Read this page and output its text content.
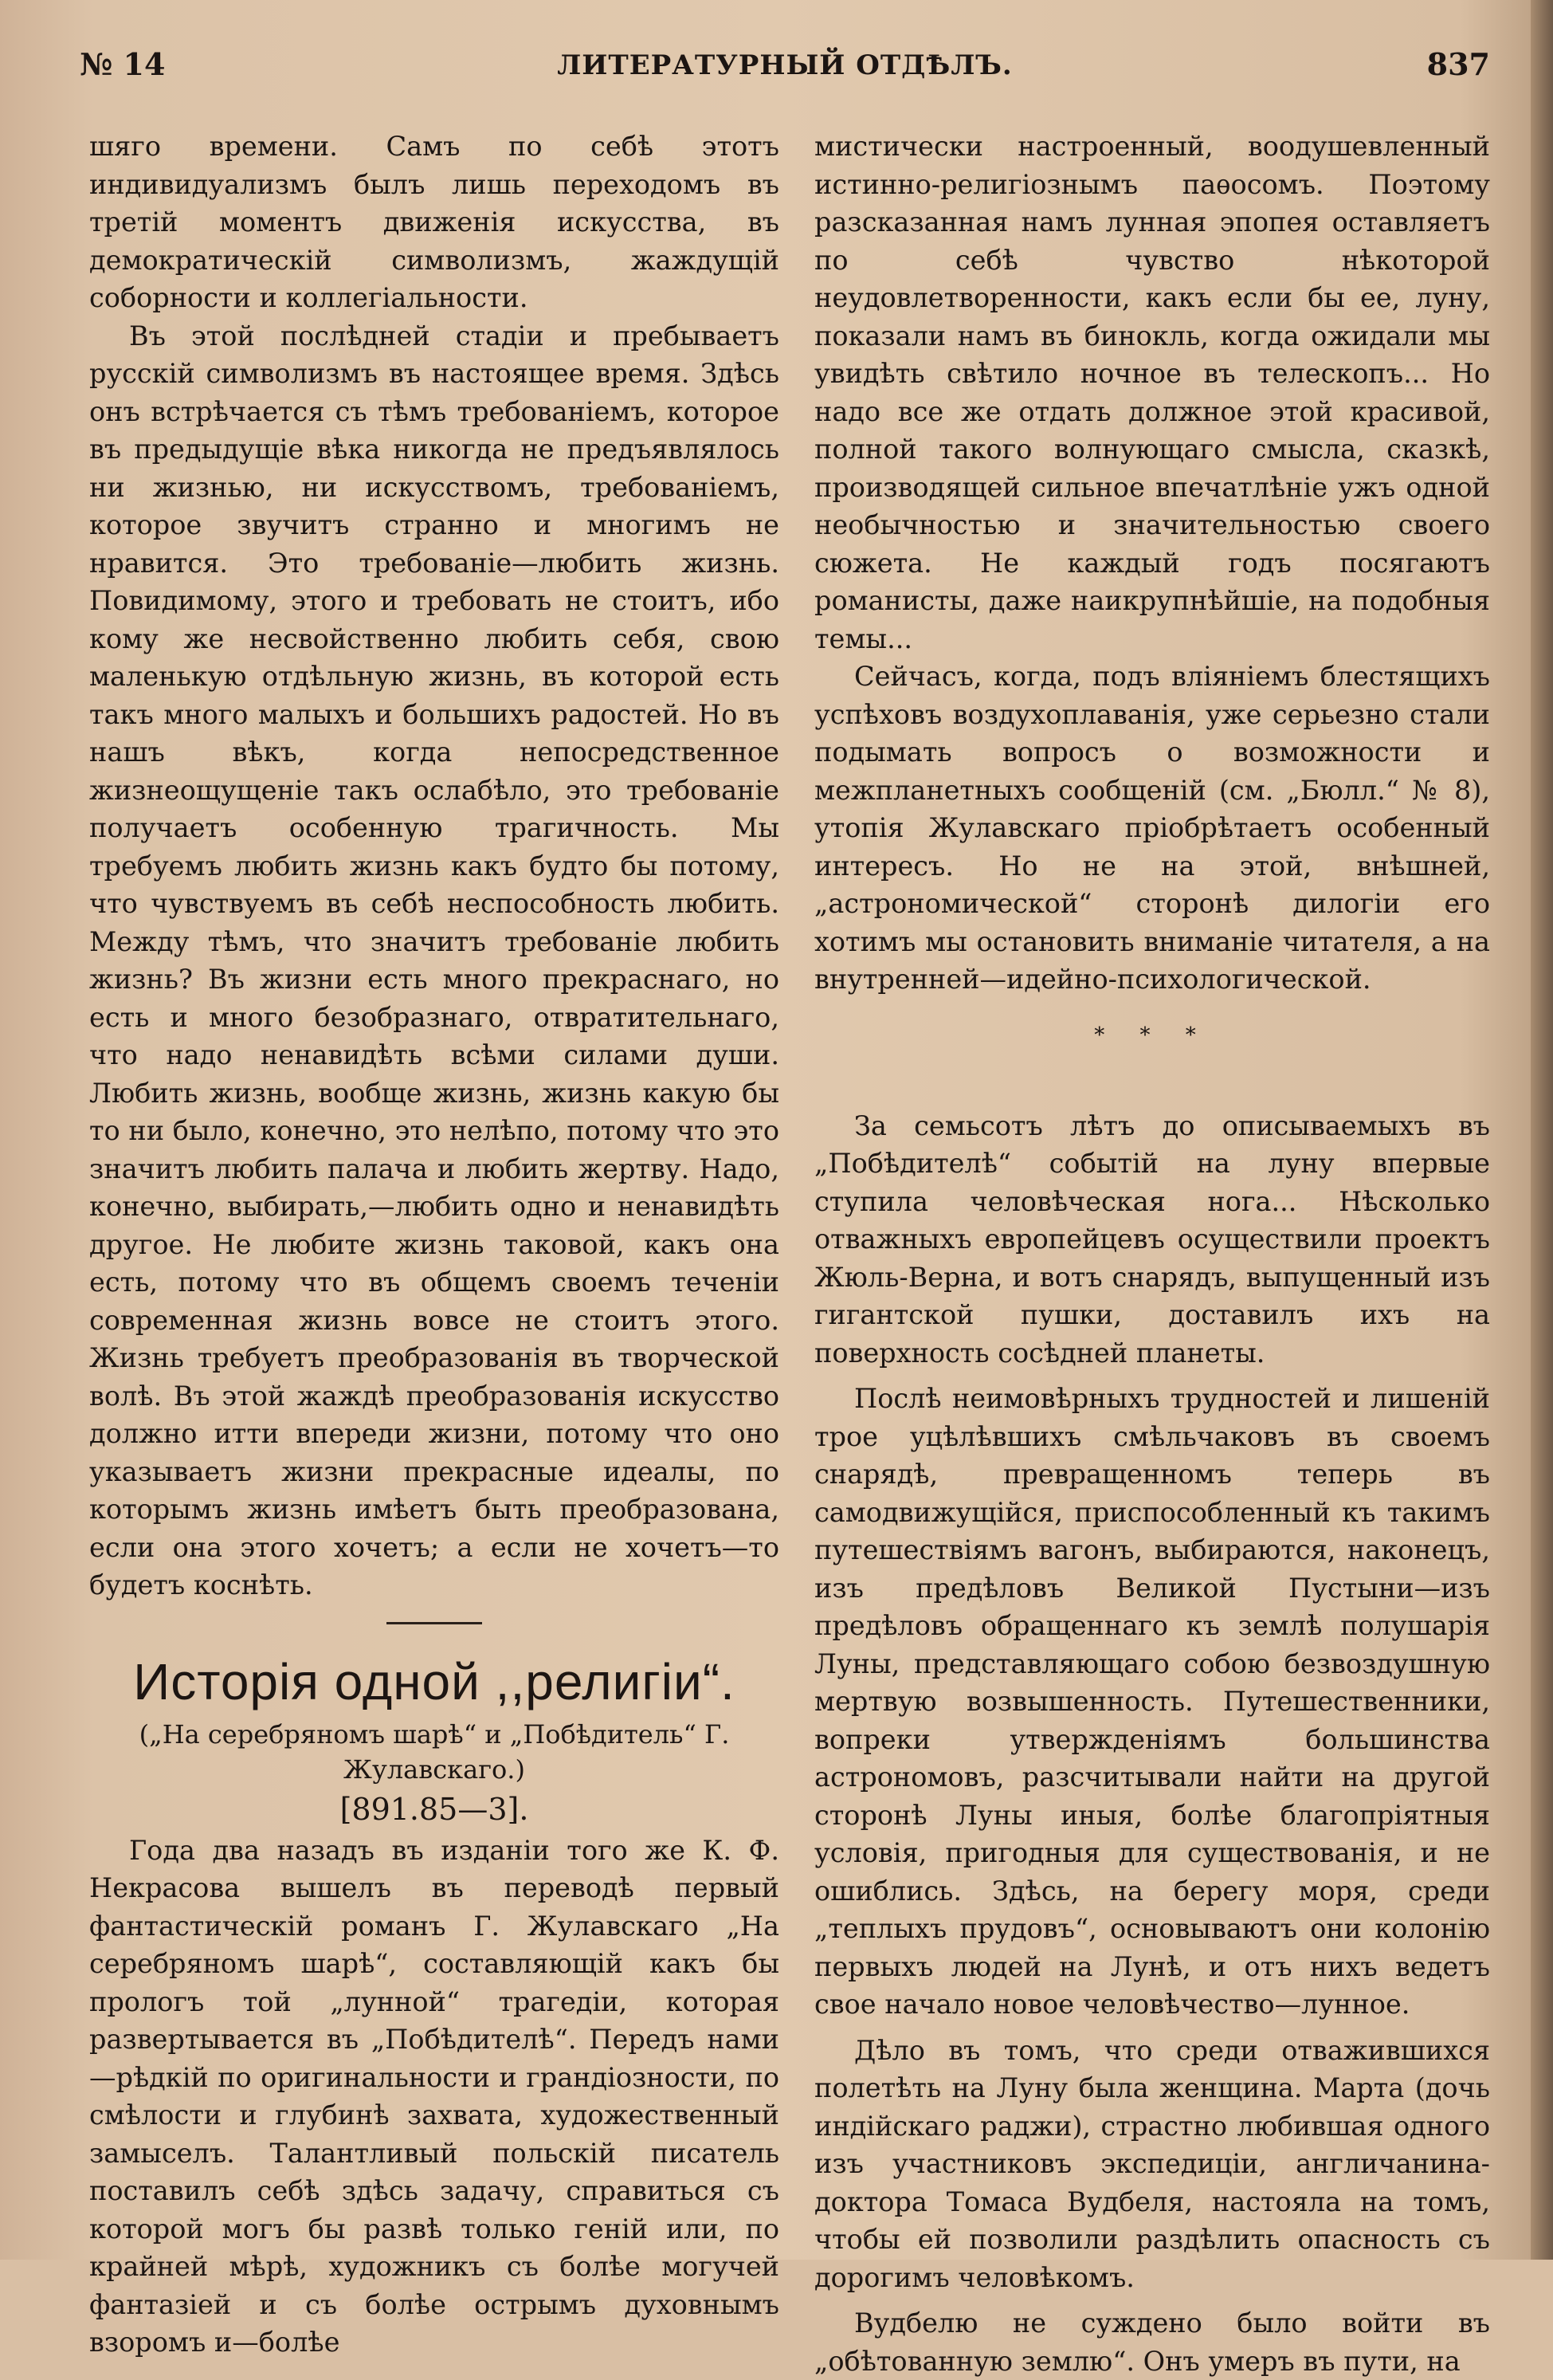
№ 14	ЛИТЕРАТУРНЫЙ ОТДѢЛЪ.	837

шяго времени. Самъ по себѣ этотъ индивидуализмъ былъ лишь переходомъ въ третій моментъ движенія искусства, въ демократическій символизмъ, жаждущій соборности и коллегіальности.

Въ этой послѣдней стадіи и пребываетъ русскій символизмъ въ настоящее время. Здѣсь онъ встрѣчается съ тѣмъ требованіемъ, которое въ предыдущіе вѣка никогда не предъявлялось ни жизнью, ни искусствомъ, требованіемъ, которое звучитъ странно и многимъ не нравится. Это требованіе—любить жизнь. Повидимому, этого и требовать не стоитъ, ибо кому же несвойственно любить себя, свою маленькую отдѣльную жизнь, въ которой есть такъ много малыхъ и большихъ радостей. Но въ нашъ вѣкъ, когда непосредственное жизнеощущеніе такъ ослабѣло, это требованіе получаетъ особенную трагичность. Мы требуемъ любить жизнь какъ будто бы потому, что чувствуемъ въ себѣ неспособность любить. Между тѣмъ, что значитъ требованіе любить жизнь? Въ жизни есть много прекраснаго, но есть и много безобразнаго, отвратительнаго, что надо ненавидѣть всѣми силами души. Любить жизнь, вообще жизнь, жизнь какую бы то ни было, конечно, это нелѣпо, потому что это значитъ любить палача и любить жертву. Надо, конечно, выбирать,—любить одно и ненавидѣть другое. Не любите жизнь таковой, какъ она есть, потому что въ общемъ своемъ теченіи современная жизнь вовсе не стоитъ этого. Жизнь требуетъ преобразованія въ творческой волѣ. Въ этой жаждѣ преобразованія искусство должно итти впереди жизни, потому что оно указываетъ жизни прекрасные идеалы, по которымъ жизнь имѣетъ быть преобразована, если она этого хочетъ; а если не хочетъ—то будетъ коснѣть.

Исторія одной ,,религіи“.

(„На серебряномъ шарѣ“ и „Побѣдитель“ Г. Жулавскаго.)

[891.85—3].

Года два назадъ въ изданіи того же К. Ф. Некрасова вышелъ въ переводѣ первый фантастическій романъ Г. Жулавскаго „На серебряномъ шарѣ“, составляющій какъ бы прологъ той „лунной“ трагедіи, которая развертывается въ „Побѣдителѣ“. Передъ нами—рѣдкій по оригинальности и грандіозности, по смѣлости и глубинѣ захвата, художественный замыселъ. Талантливый польскій писатель поставилъ себѣ здѣсь задачу, справиться съ которой могъ бы развѣ только геній или, по крайней мѣрѣ, художникъ съ болѣе могучей фантазіей и съ болѣе острымъ духовнымъ взоромъ и—болѣе

мистически настроенный, воодушевленный истинно-религіознымъ паѳосомъ. Поэтому разсказанная намъ лунная эпопея оставляетъ по себѣ чувство нѣкоторой неудовлетворенности, какъ если бы ее, луну, показали намъ въ бинокль, когда ожидали мы увидѣть свѣтило ночное въ телескопъ... Но надо все же отдать должное этой красивой, полной такого волнующаго смысла, сказкѣ, производящей сильное впечатлѣніе ужъ одной необычностью и значительностью своего сюжета. Не каждый годъ посягаютъ романисты, даже наикрупнѣйшіе, на подобныя темы...

Сейчасъ, когда, подъ вліяніемъ блестящихъ успѣховъ воздухоплаванія, уже серьезно стали подымать вопросъ о возможности и межпланетныхъ сообщеній (см. „Бюлл.“ № 8), утопія Жулавскаго пріобрѣтаетъ особенный интересъ. Но не на этой, внѣшней, „астрономической“ сторонѣ дилогіи его хотимъ мы остановить вниманіе читателя, а на внутренней—идейно-психологической.

* * *

За семьсотъ лѣтъ до описываемыхъ въ „Побѣдителѣ“ событій на луну впервые ступила человѣческая нога... Нѣсколько отважныхъ европейцевъ осуществили проектъ Жюль-Верна, и вотъ снарядъ, выпущенный изъ гигантской пушки, доставилъ ихъ на поверхность сосѣдней планеты.

Послѣ неимовѣрныхъ трудностей и лишеній трое уцѣлѣвшихъ смѣльчаковъ въ своемъ снарядѣ, превращенномъ теперь въ самодвижущійся, приспособленный къ такимъ путешествіямъ вагонъ, выбираются, наконецъ, изъ предѣловъ Великой Пустыни—изъ предѣловъ обращеннаго къ землѣ полушарія Луны, представляющаго собою безвоздушную мертвую возвышенность. Путешественники, вопреки утвержденіямъ большинства астрономовъ, разсчитывали найти на другой сторонѣ Луны иныя, болѣе благопріятныя условія, пригодныя для существованія, и не ошиблись. Здѣсь, на берегу моря, среди „теплыхъ прудовъ“, основываютъ они колонію первыхъ людей на Лунѣ, и отъ нихъ ведетъ свое начало новое человѣчество—лунное.

Дѣло въ томъ, что среди отважившихся полетѣть на Луну была женщина. Марта (дочь индійскаго раджи), страстно любившая одного изъ участниковъ экспедиціи, англичанина-доктора Томаса Вудбеля, настояла на томъ, чтобы ей позволили раздѣлить опасность съ дорогимъ человѣкомъ.

Вудбелю не суждено было войти въ „обѣтованную землю“. Онъ умеръ въ пути, на
